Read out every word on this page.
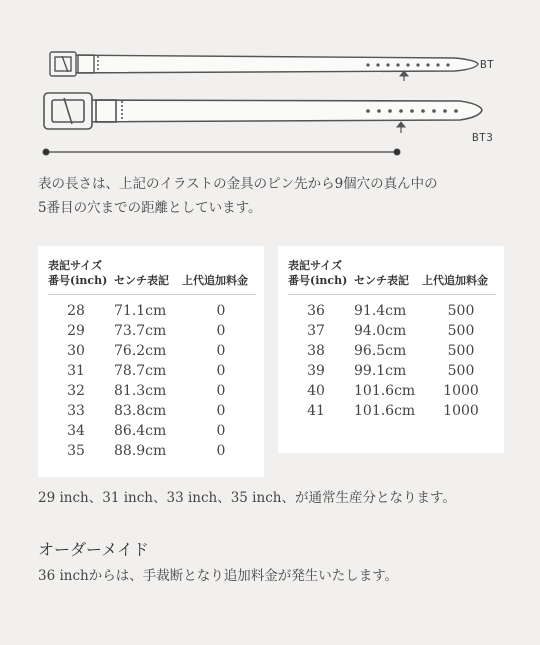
BT
BT3

表の長さは、上記のイラストの金具のピン先から9個穴の真ん中の

5番目の穴までの距離としています。

表記サイズ
番号(inch) センチ表記	上代追加料金
28	71.1cm	0
29	73.7cm	0
30	76.2cm	0
31	78.7cm	0
32	81.3cm	0
33	83.8cm	0
34	86.4cm	0
35	88.9cm	0
表記サイズ
番号(inch) センチ表記	上代追加料金
36	91.4cm	500
37	94.0cm	500
38	96.5cm	500
39	99.1cm	500
40	101.6cm	1000
41	101.6cm	1000
29 inch、31 inch、33 inch、35 inch、が通常生産分となります。
オーダーメイド
36 inchからは、手裁断となり追加料金が発生いたします。
